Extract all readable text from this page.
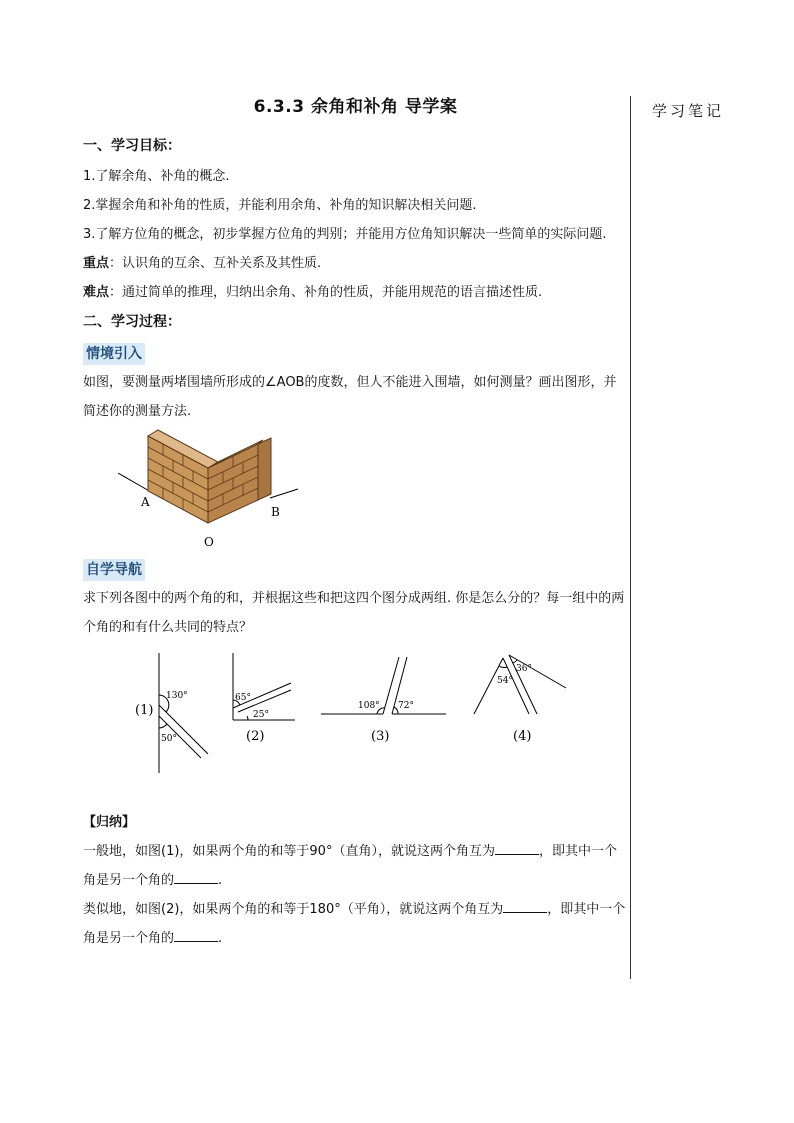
学习笔记
6.3.3 余角和补角 导学案
一、学习目标：

1.了解余角、补角的概念.

2.掌握余角和补角的性质，并能利用余角、补角的知识解决相关问题.

3.了解方位角的概念，初步掌握方位角的判别；并能用方位角知识解决一些简单的实际问题.

重点：认识角的互余、互补关系及其性质.

难点：通过简单的推理，归纳出余角、补角的性质，并能用规范的语言描述性质.

二、学习过程：
情境引入

如图，要测量两堵围墙所形成的∠AOB的度数，但人不能进入围墙，如何测量？画出图形，并简述你的测量方法.

A
B
O
自学导航

求下列各图中的两个角的和，并根据这些和把这四个图分成两组. 你是怎么分的？每一组中的两个角的和有什么共同的特点？

130°
50°
(1)
65°
25°
(2)
108° 72°
(3)
54°
36°
(4)
【归纳】

一般地，如图(1)，如果两个角的和等于90°（直角），就说这两个角互为	，即其中一个角是另一个角的	.

类似地，如图(2)，如果两个角的和等于180°（平角），就说这两个角互为	，即其中一个角是另一个角的	.
